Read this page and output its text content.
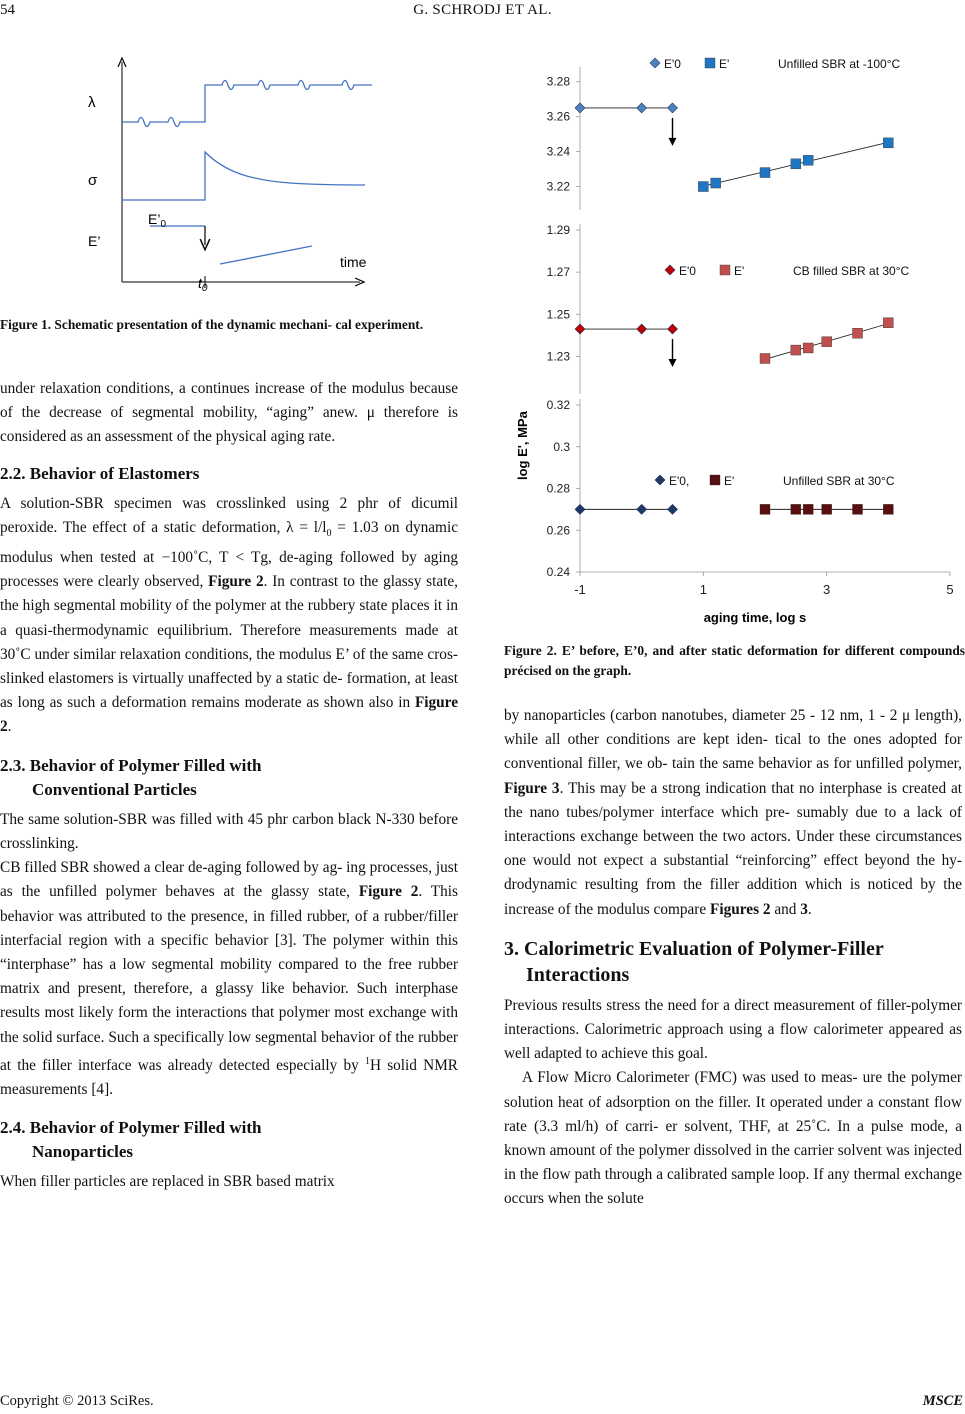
54	G. SCHRODJ ET AL.
λ
σ
$E’_0$
E’
time
$t_0$
Figure 1. Schematic presentation of the dynamic mechani- cal experiment.

under relaxation conditions, a continues increase of the modulus because of the decrease of segmental mobility, “aging” anew. μ therefore is considered as an assessment of the physical aging rate.

2.2. Behavior of Elastomers

A solution-SBR specimen was crosslinked using 2 phr of dicumil peroxide. The effect of a static deformation, $\lambda = l/l_0 = 1.03$ on dynamic modulus when tested at −100˚C, T < Tg, de-aging followed by aging processes were clearly observed, Figure 2. In contrast to the glassy state, the high segmental mobility of the polymer at the rubbery state places it in a quasi-thermodynamic equilibrium. Therefore measurements made at 30˚C under similar relaxation conditions, the modulus E’ of the same cros- slinked elastomers is virtually unaffected by a static de- formation, at least as long as such a deformation remains moderate as shown also in Figure 2.

2.3. Behavior of Polymer Filled with
Conventional Particles

The same solution-SBR was filled with 45 phr carbon black N-330 before crosslinking.

CB filled SBR showed a clear de-aging followed by ag- ing processes, just as the unfilled polymer behaves at the glassy state, Figure 2. This behavior was attributed to the presence, in filled rubber, of a rubber/filler interfacial region with a specific behavior [3]. The polymer within this “interphase” has a low segmental mobility compared to the free rubber matrix and present, therefore, a glassy like behavior. Such interphase results most likely form the interactions that polymer most exchange with the solid surface. Such a specifically low segmental behavior of the rubber at the filler interface was already detected especially by $^1$H solid NMR measurements [4].

2.4. Behavior of Polymer Filled with
Nanoparticles

When filler particles are replaced in SBR based matrix

log E', MPa
aging time, log s
3.28
3.26
3.24
3.22
E'0	E'	Unfilled SBR at -100°C
1.29
1.27
1.25
1.23
E'0	E'	CB filled SBR at 30°C
0.32
0.3
0.28
0.26
0.24
E'0,	E'	Unfilled SBR at 30°C
-1	1	3	5
Figure 2. E’ before, E’0, and after static deformation for different compounds précised on the graph.

by nanoparticles (carbon nanotubes, diameter 25 - 12 nm, 1 - 2 μ length), while all other conditions are kept iden- tical to the ones adopted for conventional filler, we ob- tain the same behavior as for unfilled polymer, Figure 3. This may be a strong indication that no interphase is created at the nano tubes/polymer interface which pre- sumably due to a lack of interactions exchange between the two actors. Under these circumstances one would not expect a substantial “reinforcing” effect beyond the hy- drodynamic resulting from the filler addition which is noticed by the increase of the modulus compare Figures 2 and 3.

3. Calorimetric Evaluation of Polymer-Filler
Interactions

Previous results stress the need for a direct measurement of filler-polymer interactions. Calorimetric approach using a flow calorimeter appeared as well adapted to achieve this goal.

A Flow Micro Calorimeter (FMC) was used to meas- ure the polymer solution heat of adsorption on the filler. It operated under a constant flow rate (3.3 ml/h) of carri- er solvent, THF, at 25˚C. In a pulse mode, a known amount of the polymer dissolved in the carrier solvent was injected in the flow path through a calibrated sample loop. If any thermal exchange occurs when the solute

Copyright © 2013 SciRes.	MSCE
